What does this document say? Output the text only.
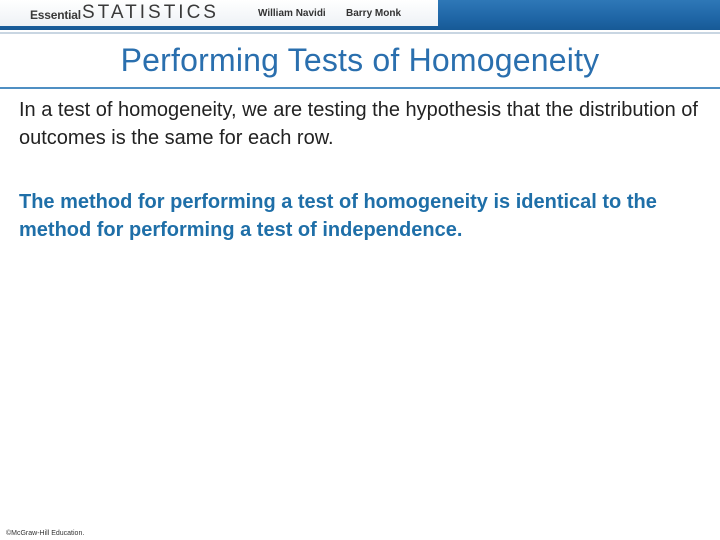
Essential STATISTICS	William Navidi Barry Monk
Performing Tests of Homogeneity
In a test of homogeneity, we are testing the hypothesis that the distribution of outcomes is the same for each row.
The method for performing a test of homogeneity is identical to the method for performing a test of independence.
©McGraw-Hill Education.
